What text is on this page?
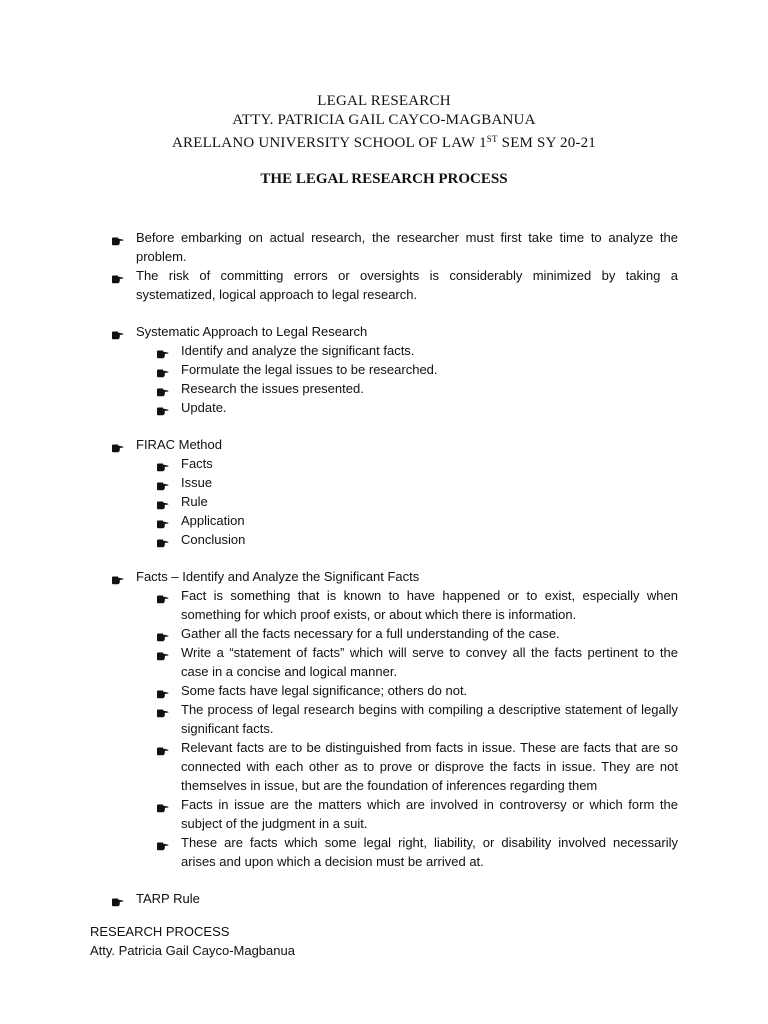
LEGAL RESEARCH
ATTY. PATRICIA GAIL CAYCO-MAGBANUA
ARELLANO UNIVERSITY SCHOOL OF LAW 1ST SEM SY 20-21
THE LEGAL RESEARCH PROCESS
Before embarking on actual research, the researcher must first take time to analyze the problem.
The risk of committing errors or oversights is considerably minimized by taking a systematized, logical approach to legal research.
Systematic Approach to Legal Research
Identify and analyze the significant facts.
Formulate the legal issues to be researched.
Research the issues presented.
Update.
FIRAC Method
Facts
Issue
Rule
Application
Conclusion
Facts – Identify and Analyze the Significant Facts
Fact is something that is known to have happened or to exist, especially when something for which proof exists, or about which there is information.
Gather all the facts necessary for a full understanding of the case.
Write a “statement of facts” which will serve to convey all the facts pertinent to the case in a concise and logical manner.
Some facts have legal significance; others do not.
The process of legal research begins with compiling a descriptive statement of legally significant facts.
Relevant facts are to be distinguished from facts in issue. These are facts that are so connected with each other as to prove or disprove the facts in issue. They are not themselves in issue, but are the foundation of inferences regarding them
Facts in issue are the matters which are involved in controversy or which form the subject of the judgment in a suit.
These are facts which some legal right, liability, or disability involved necessarily arises and upon which a decision must be arrived at.
TARP Rule
RESEARCH PROCESS
Atty. Patricia Gail Cayco-Magbanua
